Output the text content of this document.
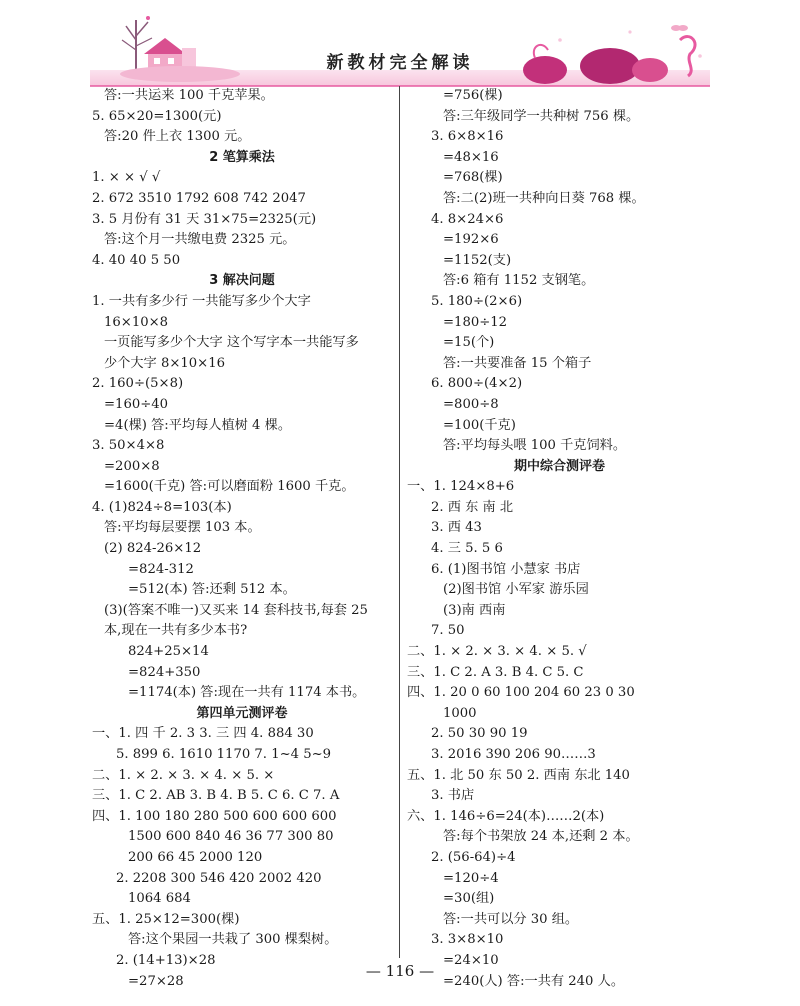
新教材完全解读
答:一共运来 100 千克苹果。
5. 65×20=1300(元)
答:20 件上衣 1300 元。
2 笔算乘法
1. × × √ √
2. 672 3510 1792 608 742 2047
3. 5 月份有 31 天 31×75=2325(元)
答:这个月一共缴电费 2325 元。
4. 40 40 5 50
3 解决问题
1. 一共有多少行 一共能写多少个大字
16×10×8
一页能写多少个大字 这个写字本一共能写多
少个大字 8×10×16
2. 160÷(5×8)
=160÷40
=4(棵) 答:平均每人植树 4 棵。
3. 50×4×8
=200×8
=1600(千克) 答:可以磨面粉 1600 千克。
4. (1)824÷8=103(本)
答:平均每层要摆 103 本。
(2) 824-26×12
=824-312
=512(本) 答:还剩 512 本。
(3)(答案不唯一)又买来 14 套科技书,每套 25
本,现在一共有多少本书?
824+25×14
=824+350
=1174(本) 答:现在一共有 1174 本书。
第四单元测评卷
一、1. 四 千 2. 3 3. 三 四 4. 884 30
5. 899 6. 1610 1170 7. 1~4 5~9
二、1. × 2. × 3. × 4. × 5. ×
三、1. C 2. AB 3. B 4. B 5. C 6. C 7. A
四、1. 100 180 280 500 600 600 600
1500 600 840 46 36 77 300 80
200 66 45 2000 120
2. 2208 300 546 420 2002 420
1064 684
五、1. 25×12=300(棵)
答:这个果园一共栽了 300 棵梨树。
2. (14+13)×28
=27×28
=756(棵)
答:三年级同学一共种树 756 棵。
3. 6×8×16
=48×16
=768(棵)
答:二(2)班一共种向日葵 768 棵。
4. 8×24×6
=192×6
=1152(支)
答:6 箱有 1152 支钢笔。
5. 180÷(2×6)
=180÷12
=15(个)
答:一共要准备 15 个箱子
6. 800÷(4×2)
=800÷8
=100(千克)
答:平均每头喂 100 千克饲料。
期中综合测评卷
一、1. 124×8+6
2. 西 东 南 北
3. 西 43
4. 三 5. 5 6
6. (1)图书馆 小慧家 书店
(2)图书馆 小军家 游乐园
(3)南 西南
7. 50
二、1. × 2. × 3. × 4. × 5. √
三、1. C 2. A 3. B 4. C 5. C
四、1. 20 0 60 100 204 60 23 0 30
1000
2. 50 30 90 19
3. 2016 390 206 90……3
五、1. 北 50 东 50 2. 西南 东北 140
3. 书店
六、1. 146÷6=24(本)……2(本)
答:每个书架放 24 本,还剩 2 本。
2. (56-64)÷4
=120÷4
=30(组)
答:一共可以分 30 组。
3. 3×8×10
=24×10
=240(人) 答:一共有 240 人。
— 116 —
